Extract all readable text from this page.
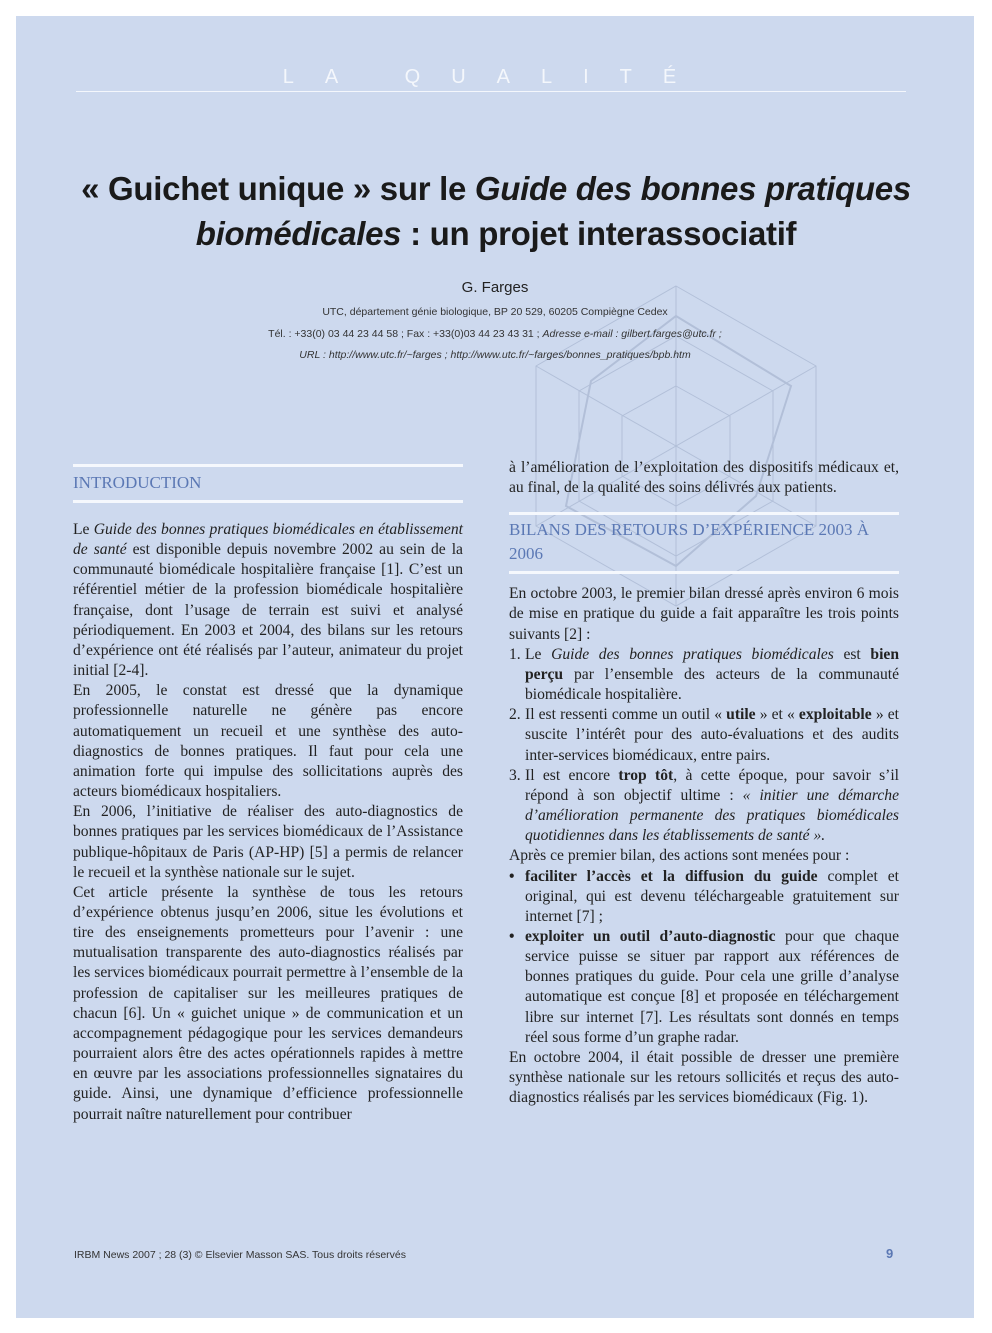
LA QUALITÉ
« Guichet unique » sur le Guide des bonnes pratiques
biomédicales : un projet interassociatif
G. Farges
UTC, département génie biologique, BP 20 529, 60205 Compiègne Cedex
Tél. : +33(0) 03 44 23 44 58 ; Fax : +33(0)03 44 23 43 31 ; Adresse e-mail : gilbert.farges@utc.fr ;
URL : http://www.utc.fr/~farges ; http://www.utc.fr/~farges/bonnes_pratiques/bpb.htm
INTRODUCTION

Le Guide des bonnes pratiques biomédicales en établissement de santé est disponible depuis novembre 2002 au sein de la communauté biomédicale hospitalière française [1]. C’est un référentiel métier de la profession biomédicale hospitalière française, dont l’usage de terrain est suivi et analysé périodiquement. En 2003 et 2004, des bilans sur les retours d’expérience ont été réalisés par l’auteur, animateur du projet initial [2-4].

En 2005, le constat est dressé que la dynamique professionnelle naturelle ne génère pas encore automatiquement un recueil et une synthèse des auto-diagnostics de bonnes pratiques. Il faut pour cela une animation forte qui impulse des sollicitations auprès des acteurs biomédicaux hospitaliers.

En 2006, l’initiative de réaliser des auto-diagnostics de bonnes pratiques par les services biomédicaux de l’Assistance publique-hôpitaux de Paris (AP-HP) [5] a permis de relancer le recueil et la synthèse nationale sur le sujet.

Cet article présente la synthèse de tous les retours d’expérience obtenus jusqu’en 2006, situe les évolutions et tire des enseignements prometteurs pour l’avenir : une mutualisation transparente des auto-diagnostics réalisés par les services biomédicaux pourrait permettre à l’ensemble de la profession de capitaliser sur les meilleures pratiques de chacun [6]. Un « guichet unique » de communication et un accompagnement pédagogique pour les services demandeurs pourraient alors être des actes opérationnels rapides à mettre en œuvre par les associations professionnelles signataires du guide. Ainsi, une dynamique d’efficience professionnelle pourrait naître naturellement pour contribuer

à l’amélioration de l’exploitation des dispositifs médicaux et, au final, de la qualité des soins délivrés aux patients.

BILANS DES RETOURS D’EXPÉRIENCE 2003 À 2006

En octobre 2003, le premier bilan dressé après environ 6 mois de mise en pratique du guide a fait apparaître les trois points suivants [2] :

1. Le Guide des bonnes pratiques biomédicales est bien perçu par l’ensemble des acteurs de la communauté biomédicale hospitalière.
2. Il est ressenti comme un outil « utile » et « exploitable » et suscite l’intérêt pour des auto-évaluations et des audits inter-services biomédicaux, entre pairs.
3. Il est encore trop tôt, à cette époque, pour savoir s’il répond à son objectif ultime : « initier une démarche d’amélioration permanente des pratiques biomédicales quotidiennes dans les établissements de santé ».

Après ce premier bilan, des actions sont menées pour :

• faciliter l’accès et la diffusion du guide complet et original, qui est devenu téléchargeable gratuitement sur internet [7] ;
• exploiter un outil d’auto-diagnostic pour que chaque service puisse se situer par rapport aux références de bonnes pratiques du guide. Pour cela une grille d’analyse automatique est conçue [8] et proposée en téléchargement libre sur internet [7]. Les résultats sont donnés en temps réel sous forme d’un graphe radar.

En octobre 2004, il était possible de dresser une première synthèse nationale sur les retours sollicités et reçus des auto-diagnostics réalisés par les services biomédicaux (Fig. 1).

IRBM News 2007 ; 28 (3) © Elsevier Masson SAS. Tous droits réservés	9
